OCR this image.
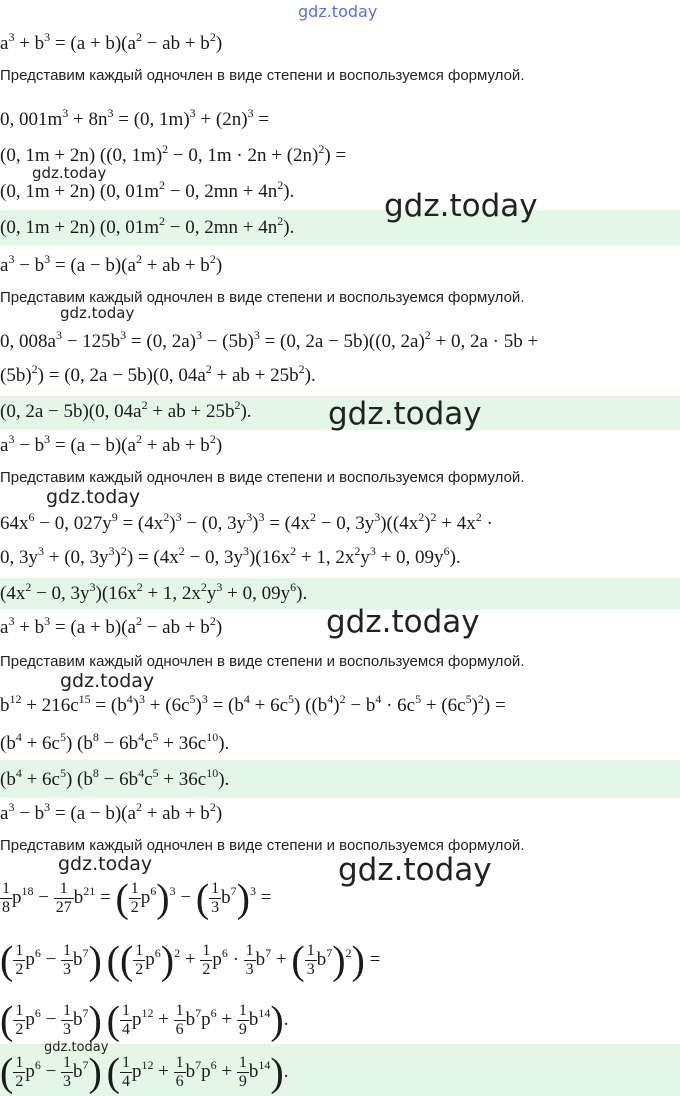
gdz.today
gdz.today
gdz.today
gdz.today
gdz.today
gdz.today
gdz.today
gdz.today
gdz.today	gdz.today
gdz.today
$a^3 + b^3 = (a + b)(a^2$ − ab + $b^2$)
Представим каждый одночлен в виде степени и воспользуемся формулой.
0, $001m^3 + 8n^3 = (0$, $1m)^3 + (2n)^3$ =
(0, 1m + 2n) ((0, 1m)$^2$ − 0, $1m \cdot 2n + (2n)^2$) =
(0, 1m + 2n) (0, $01m^2 - 0$, $2mn + 4n^2$).
(0, 1m + 2n) (0, $01m^2 - 0$, $2mn + 4n^2$).
$a^3 - b^3 = (a - b)(a^2$ + ab + $b^2$)
Представим каждый одночлен в виде степени и воспользуемся формулой.
0, $008a^3 - 125b^3 = (0$, $2a)^3 - (5b)^3 = (0$, 2a − 5b)((0, 2a)$^2$ + 0, 2a · 5b +
$(5b)^2) = (0$, 2a − 5b)(0, $04a^2$ + ab + $25b^2$).
(0, 2a − 5b)(0, $04a^2$ + ab + $25b^2$).
$a^3 - b^3 = (a - b)(a^2$ + ab + $b^2$)
Представим каждый одночлен в виде степени и воспользуемся формулой.
$64x^6 - 0$, $027y^9 = (4x^2)^3 - (0$, $3y^3)^3 = (4x^2 - 0$, $3y^3)((4x^2)^2 + 4x^2$ ·
0, $3y^3 + (0$, $3y^3)^2) = (4x^2 - 0$, $3y^3)(16x^2 + 1$, $2x^2y^3 + 0$, $09y^6$).
($4x^2 - 0$, $3y^3)(16x^2 + 1$, $2x^2y^3 + 0$, $09y^6$).
$a^3 + b^3 = (a + b)(a^2$ − ab + $b^2$)
Представим каждый одночлен в виде степени и воспользуемся формулой.
$b^{12} + 216c^{15} = (b^4)^3 + (6c^5)^3 = (b^4 + 6c^5) ((b^4)^2 - b^4 \cdot 6c^5 + (6c^5)^2)$ =
$(b^4 + 6c^5) (b^8 - 6b^4c^5 + 36c^{10})$.
$(b^4 + 6c^5) (b^8 - 6b^4c^5 + 36c^{10})$.
$a^3 - b^3 = (a - b)(a^2$ + ab + $b^2$)
Представим каждый одночлен в виде степени и воспользуемся формулой.
$\frac{1}{8} p^{18} - \frac{1}{27} b^{21}$ = ( $\frac{1}{2} p^6)^3$ − ( $\frac{1}{3} b^7)^3$ =
( $\frac{1}{2} p^6 - \frac{1}{3} b^7$) (( $\frac{1}{2} p^6)^2 + \frac{1}{2} p^6 \cdot \frac{1}{3} b^7$ + ( $\frac{1}{3} b^7)^2$) =
( $\frac{1}{2} p^6 - \frac{1}{3} b^7$) ( $\frac{1}{4} p^{12} + \frac{1}{6} b^7p^6 + \frac{1}{9} b^{14}$).
( $\frac{1}{2} p^6 - \frac{1}{3} b^7$) ( $\frac{1}{4} p^{12} + \frac{1}{6} b^7p^6 + \frac{1}{9} b^{14}$).
